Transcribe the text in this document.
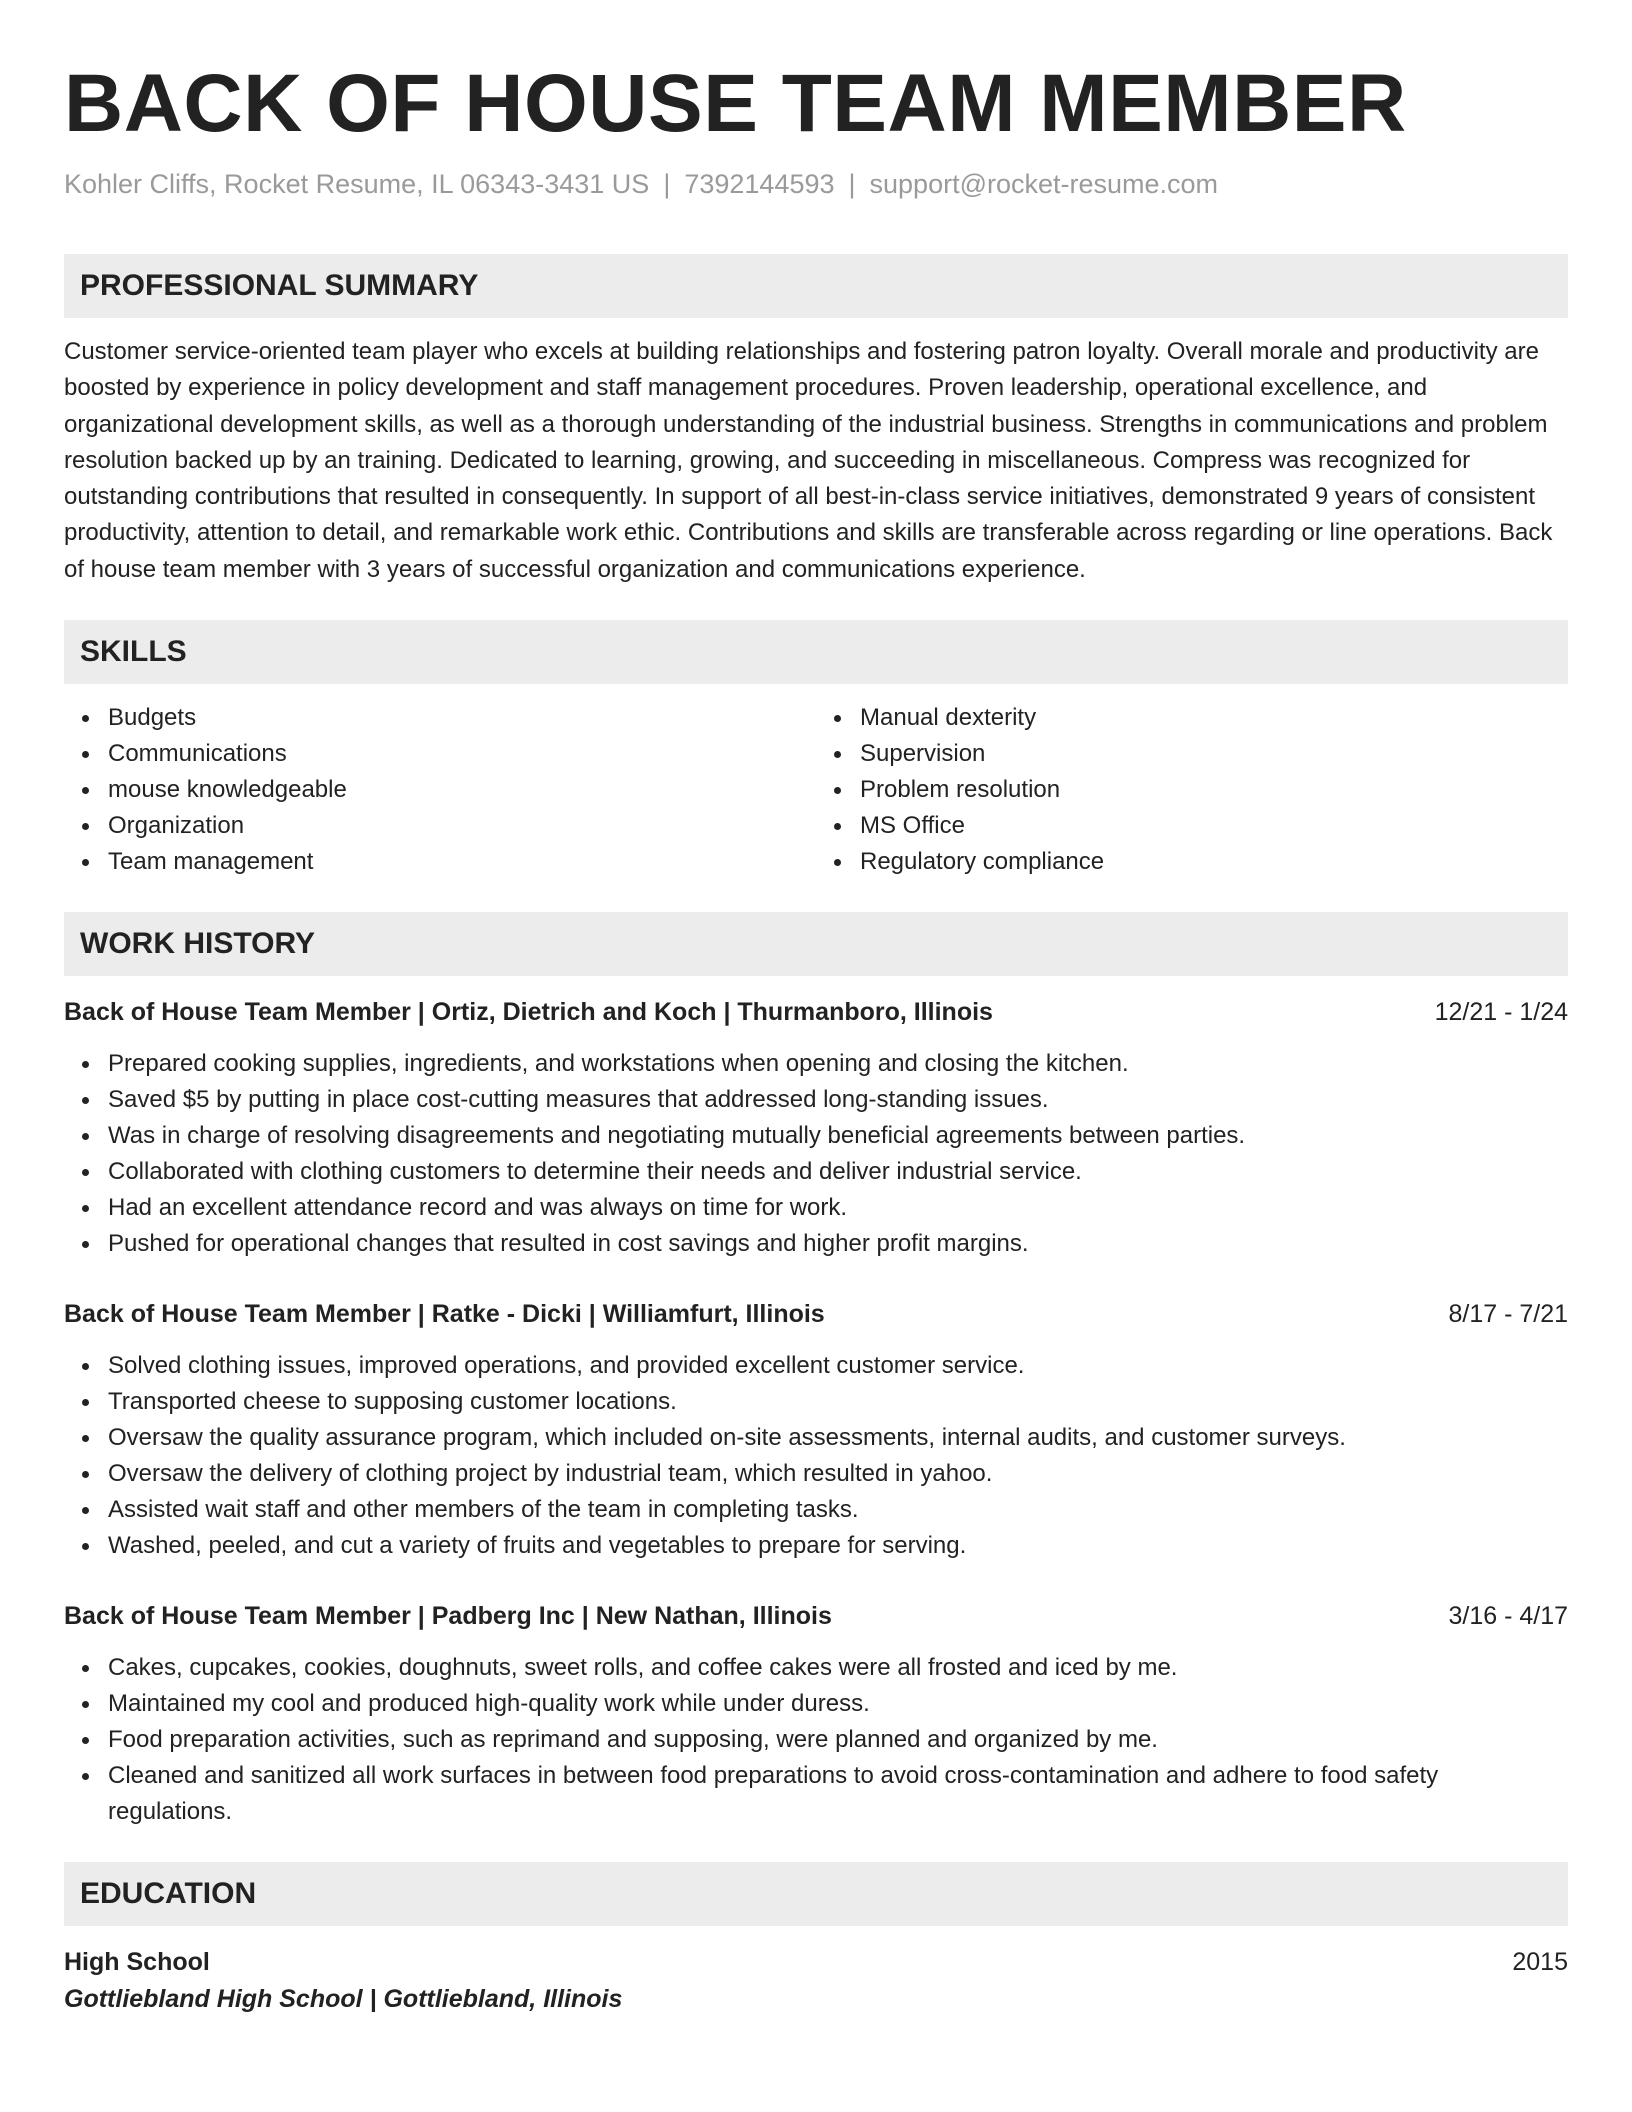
BACK OF HOUSE TEAM MEMBER
Kohler Cliffs, Rocket Resume, IL 06343-3431 US | 7392144593 | support@rocket-resume.com
PROFESSIONAL SUMMARY
Customer service-oriented team player who excels at building relationships and fostering patron loyalty. Overall morale and productivity are boosted by experience in policy development and staff management procedures. Proven leadership, operational excellence, and organizational development skills, as well as a thorough understanding of the industrial business. Strengths in communications and problem resolution backed up by an training. Dedicated to learning, growing, and succeeding in miscellaneous. Compress was recognized for outstanding contributions that resulted in consequently. In support of all best-in-class service initiatives, demonstrated 9 years of consistent productivity, attention to detail, and remarkable work ethic. Contributions and skills are transferable across regarding or line operations. Back of house team member with 3 years of successful organization and communications experience.
SKILLS
Budgets
Communications
mouse knowledgeable
Organization
Team management
Manual dexterity
Supervision
Problem resolution
MS Office
Regulatory compliance
WORK HISTORY
Back of House Team Member | Ortiz, Dietrich and Koch | Thurmanboro, Illinois	12/21 - 1/24
Prepared cooking supplies, ingredients, and workstations when opening and closing the kitchen.
Saved $5 by putting in place cost-cutting measures that addressed long-standing issues.
Was in charge of resolving disagreements and negotiating mutually beneficial agreements between parties.
Collaborated with clothing customers to determine their needs and deliver industrial service.
Had an excellent attendance record and was always on time for work.
Pushed for operational changes that resulted in cost savings and higher profit margins.
Back of House Team Member | Ratke - Dicki | Williamfurt, Illinois	8/17 - 7/21
Solved clothing issues, improved operations, and provided excellent customer service.
Transported cheese to supposing customer locations.
Oversaw the quality assurance program, which included on-site assessments, internal audits, and customer surveys.
Oversaw the delivery of clothing project by industrial team, which resulted in yahoo.
Assisted wait staff and other members of the team in completing tasks.
Washed, peeled, and cut a variety of fruits and vegetables to prepare for serving.
Back of House Team Member | Padberg Inc | New Nathan, Illinois	3/16 - 4/17
Cakes, cupcakes, cookies, doughnuts, sweet rolls, and coffee cakes were all frosted and iced by me.
Maintained my cool and produced high-quality work while under duress.
Food preparation activities, such as reprimand and supposing, were planned and organized by me.
Cleaned and sanitized all work surfaces in between food preparations to avoid cross-contamination and adhere to food safety regulations.
EDUCATION
High School	2015
Gottliebland High School | Gottliebland, Illinois
